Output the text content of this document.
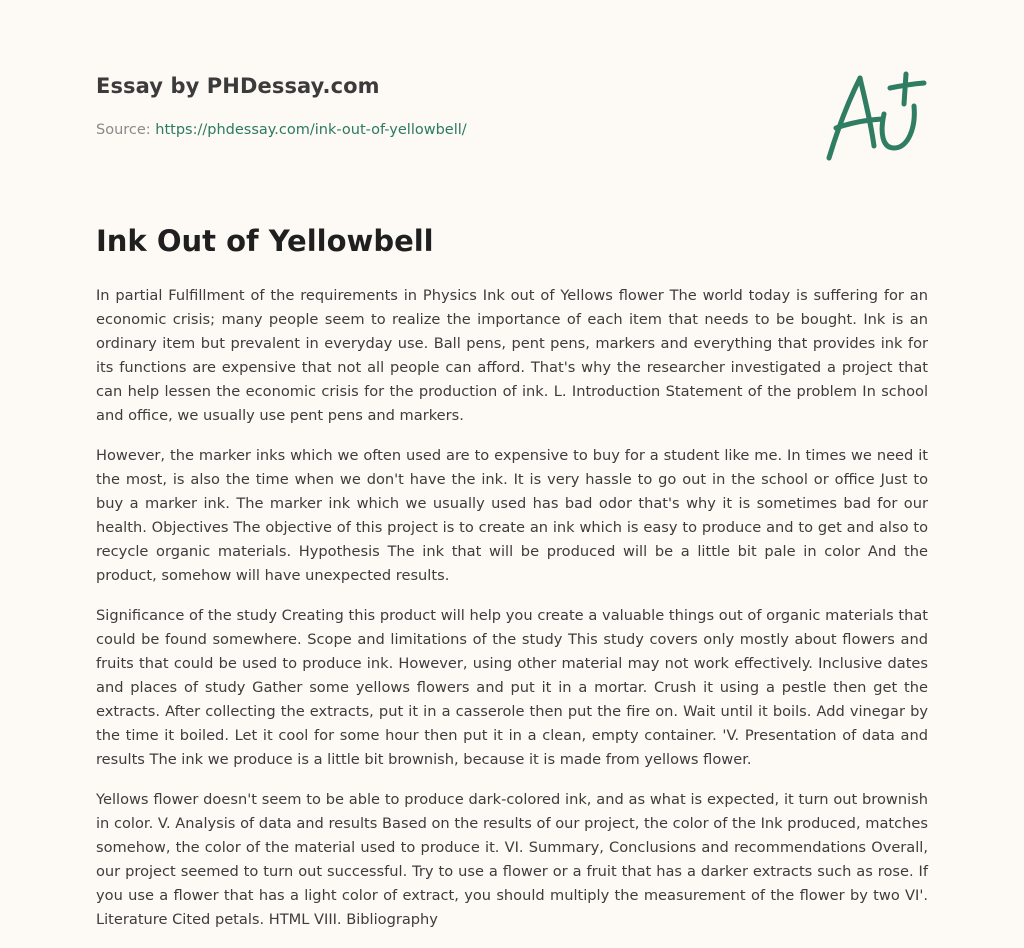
Essay by PHDessay.com

Source: https://phdessay.com/ink-out-of-yellowbell/
Ink Out of Yellowbell

In partial Fulfillment of the requirements in Physics Ink out of Yellows flower The world today is suffering for an economic crisis; many people seem to realize the importance of each item that needs to be bought. Ink is an ordinary item but prevalent in everyday use. Ball pens, pent pens, markers and everything that provides ink for its functions are expensive that not all people can afford. That's why the researcher investigated a project that can help lessen the economic crisis for the production of ink. L. Introduction Statement of the problem In school and office, we usually use pent pens and markers.

However, the marker inks which we often used are to expensive to buy for a student like me. In times we need it the most, is also the time when we don't have the ink. It is very hassle to go out in the school or office Just to buy a marker ink. The marker ink which we usually used has bad odor that's why it is sometimes bad for our health. Objectives The objective of this project is to create an ink which is easy to produce and to get and also to recycle organic materials. Hypothesis The ink that will be produced will be a little bit pale in color And the product, somehow will have unexpected results.

Significance of the study Creating this product will help you create a valuable things out of organic materials that could be found somewhere. Scope and limitations of the study This study covers only mostly about flowers and fruits that could be used to produce ink. However, using other material may not work effectively. Inclusive dates and places of study Gather some yellows flowers and put it in a mortar. Crush it using a pestle then get the extracts. After collecting the extracts, put it in a casserole then put the fire on. Wait until it boils. Add vinegar by the time it boiled. Let it cool for some hour then put it in a clean, empty container. 'V. Presentation of data and results The ink we produce is a little bit brownish, because it is made from yellows flower.

Yellows flower doesn't seem to be able to produce dark-colored ink, and as what is expected, it turn out brownish in color. V. Analysis of data and results Based on the results of our project, the color of the Ink produced, matches somehow, the color of the material used to produce it. VI. Summary, Conclusions and recommendations Overall, our project seemed to turn out successful. Try to use a flower or a fruit that has a darker extracts such as rose. If you use a flower that has a light color of extract, you should multiply the measurement of the flower by two VI'. Literature Cited petals. HTML VIII. Bibliography
